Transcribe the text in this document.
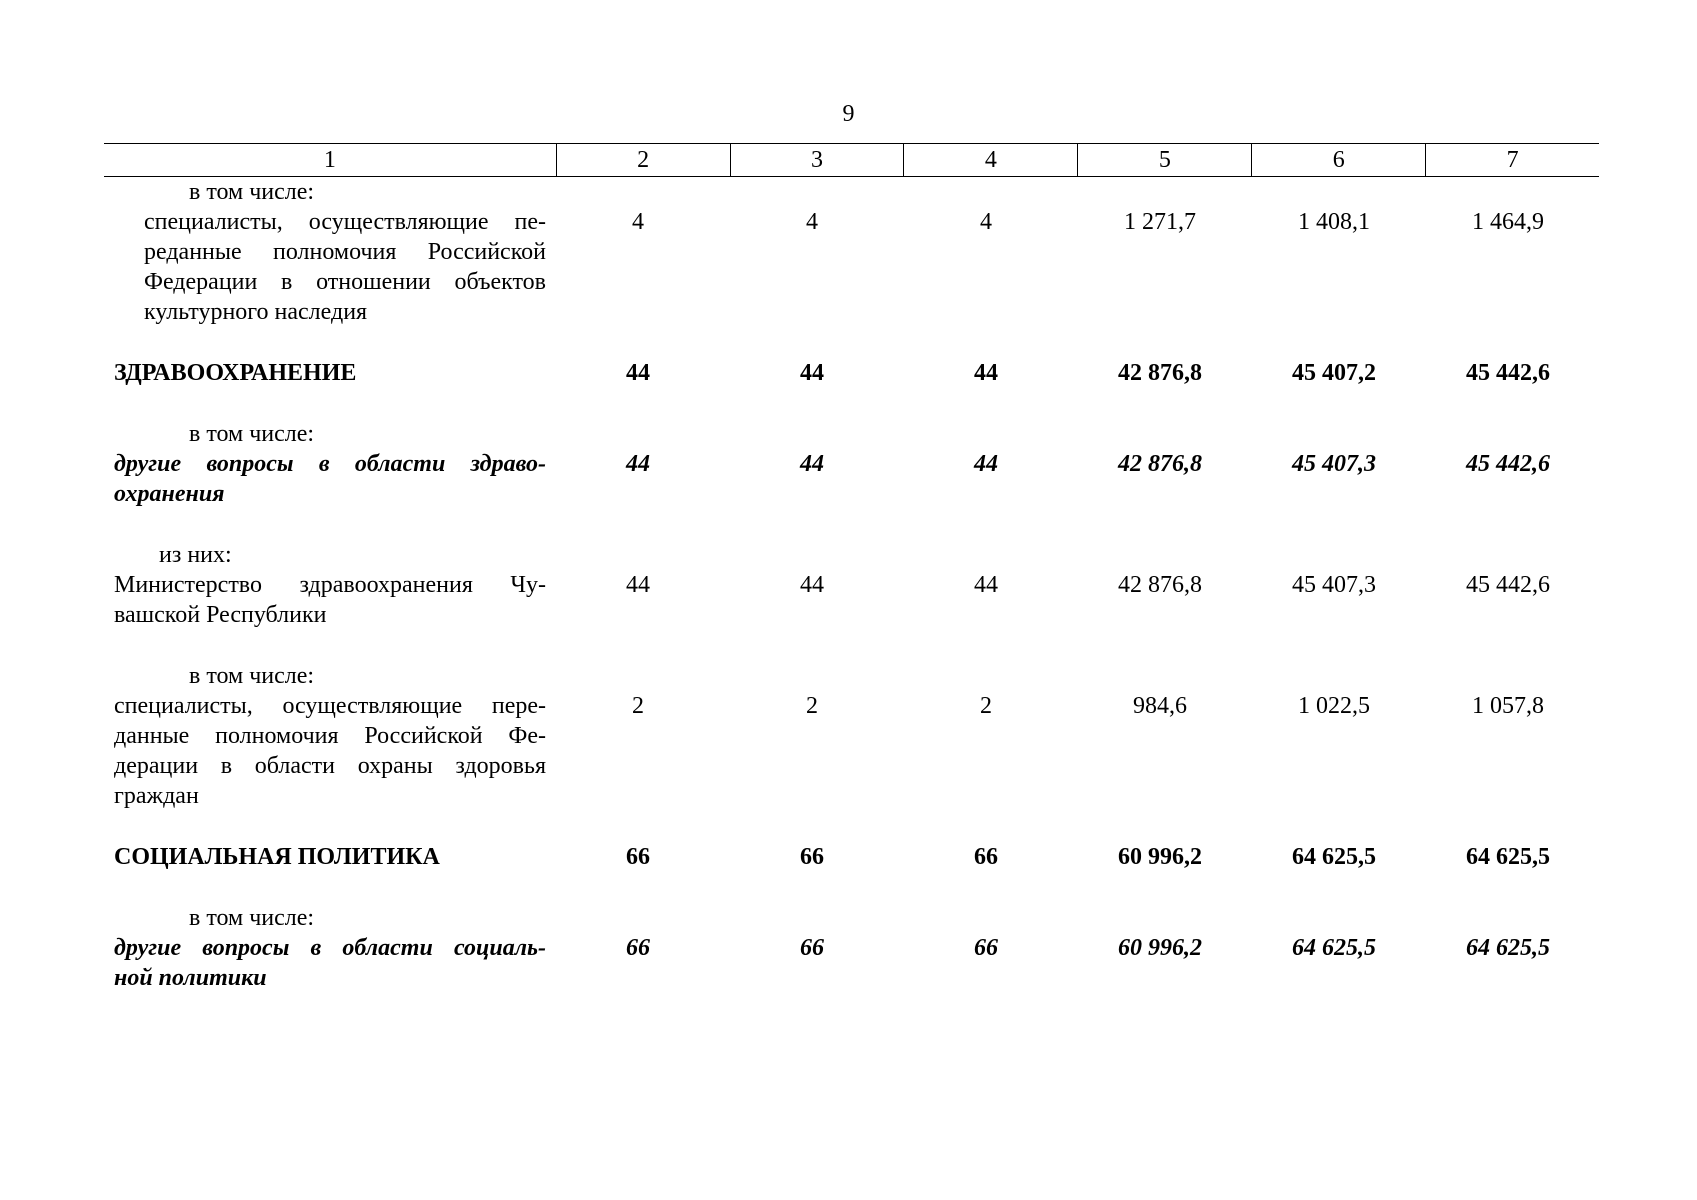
9
1	2	3	4	5	6	7
в том числе:
специалисты, осуществляющие пе-
реданные полномочия Российской
Федерации в отношении объектов
культурного наследия
4	4	4	1 271,7	1 408,1	1 464,9
ЗДРАВООХРАНЕНИЕ	44	44	44	42 876,8	45 407,2	45 442,6
в том числе:
другие вопросы в области здраво-
охранения
44	44	44	42 876,8	45 407,3	45 442,6
из них:
Министерство здравоохранения Чу-
вашской Республики
44	44	44	42 876,8	45 407,3	45 442,6
в том числе:
специалисты, осуществляющие пере-
данные полномочия Российской Фе-
дерации в области охраны здоровья
граждан
2	2	2	984,6	1 022,5	1 057,8
СОЦИАЛЬНАЯ ПОЛИТИКА	66	66	66	60 996,2	64 625,5	64 625,5
в том числе:
другие вопросы в области социаль-
ной политики
66	66	66	60 996,2	64 625,5	64 625,5
